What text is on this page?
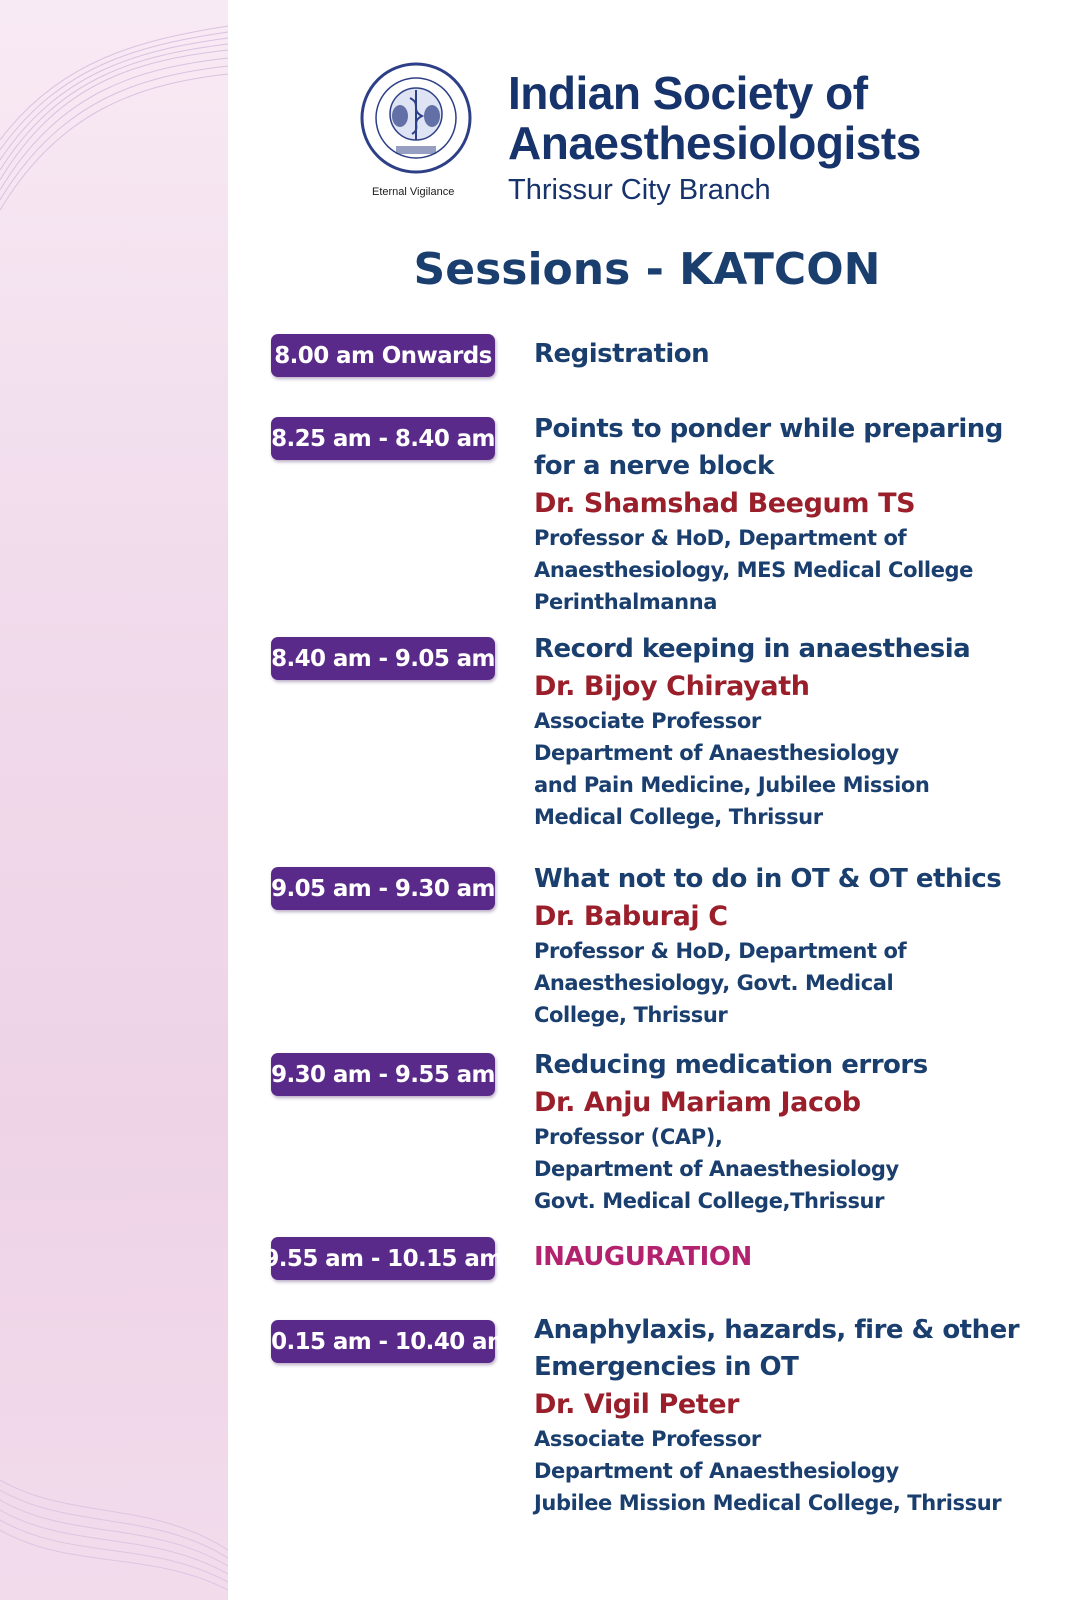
Eternal Vigilance
Indian Society of
Anaesthesiologists
Thrissur City Branch
Sessions - KATCON
8.00 am Onwards Registration
8.25 am - 8.40 am Points to ponder while preparing
for a nerve block
Dr. Shamshad Beegum TS
Professor & HoD, Department of
Anaesthesiology, MES Medical College
Perinthalmanna
8.40 am - 9.05 am Record keeping in anaesthesia
Dr. Bijoy Chirayath
Associate Professor
Department of Anaesthesiology
and Pain Medicine, Jubilee Mission
Medical College, Thrissur
9.05 am - 9.30 am What not to do in OT & OT ethics
Dr. Baburaj C
Professor & HoD, Department of
Anaesthesiology, Govt. Medical
College, Thrissur
9.30 am - 9.55 am Reducing medication errors
Dr. Anju Mariam Jacob
Professor (CAP),
Department of Anaesthesiology
Govt. Medical College,Thrissur
9.55 am - 10.15 am INAUGURATION
10.15 am - 10.40 am Anaphylaxis, hazards, fire & other
Emergencies in OT
Dr. Vigil Peter
Associate Professor
Department of Anaesthesiology
Jubilee Mission Medical College, Thrissur
